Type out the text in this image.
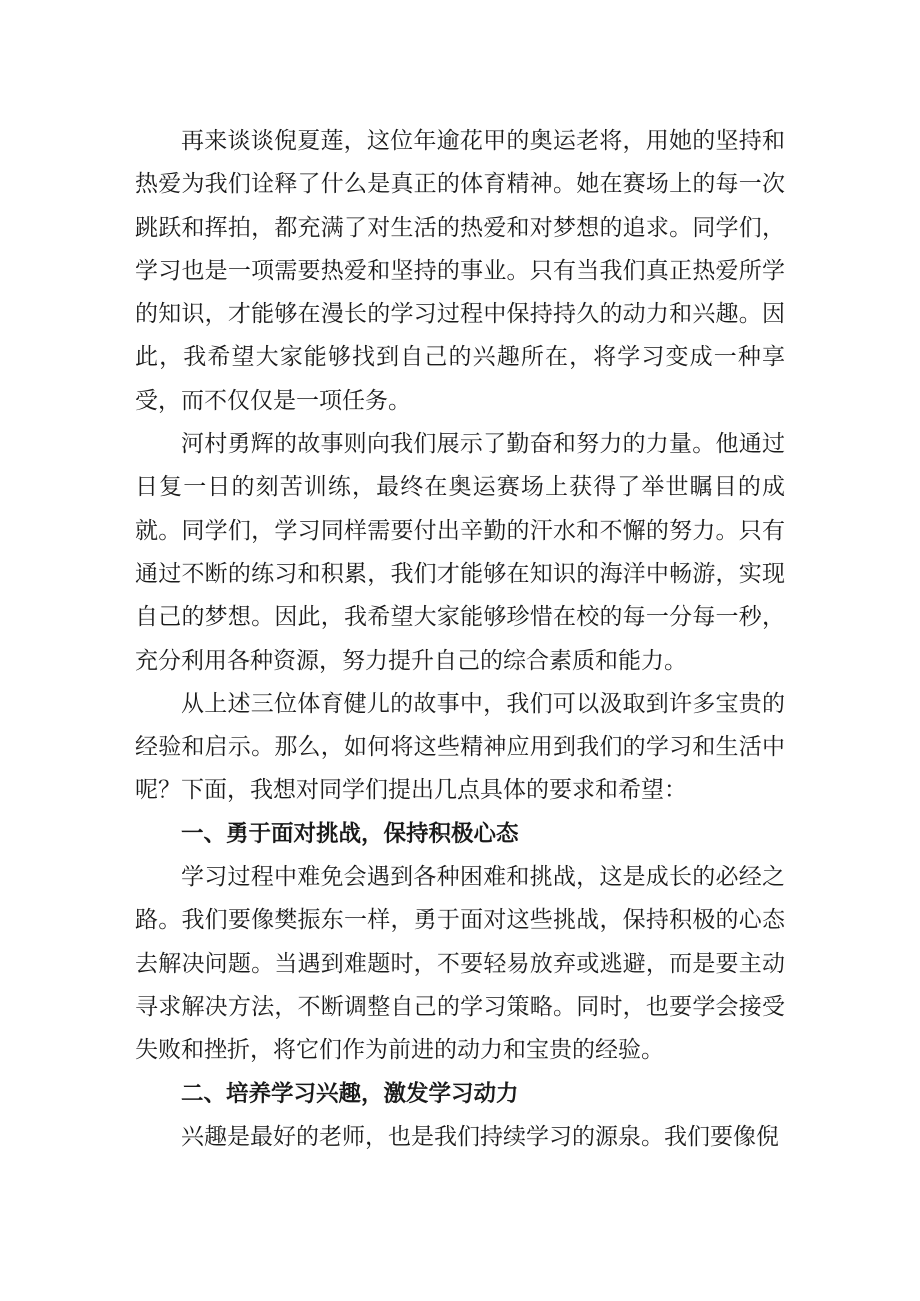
再来谈谈倪夏莲，这位年逾花甲的奥运老将，用她的坚持和热爱为我们诠释了什么是真正的体育精神。她在赛场上的每一次跳跃和挥拍，都充满了对生活的热爱和对梦想的追求。同学们，学习也是一项需要热爱和坚持的事业。只有当我们真正热爱所学的知识，才能够在漫长的学习过程中保持持久的动力和兴趣。因此，我希望大家能够找到自己的兴趣所在，将学习变成一种享受，而不仅仅是一项任务。

河村勇辉的故事则向我们展示了勤奋和努力的力量。他通过日复一日的刻苦训练，最终在奥运赛场上获得了举世瞩目的成就。同学们，学习同样需要付出辛勤的汗水和不懈的努力。只有通过不断的练习和积累，我们才能够在知识的海洋中畅游，实现自己的梦想。因此，我希望大家能够珍惜在校的每一分每一秒，充分利用各种资源，努力提升自己的综合素质和能力。

从上述三位体育健儿的故事中，我们可以汲取到许多宝贵的经验和启示。那么，如何将这些精神应用到我们的学习和生活中呢？下面，我想对同学们提出几点具体的要求和希望：

一、勇于面对挑战，保持积极心态

学习过程中难免会遇到各种困难和挑战，这是成长的必经之路。我们要像樊振东一样，勇于面对这些挑战，保持积极的心态去解决问题。当遇到难题时，不要轻易放弃或逃避，而是要主动寻求解决方法，不断调整自己的学习策略。同时，也要学会接受失败和挫折，将它们作为前进的动力和宝贵的经验。

二、培养学习兴趣，激发学习动力

兴趣是最好的老师，也是我们持续学习的源泉。我们要像倪
